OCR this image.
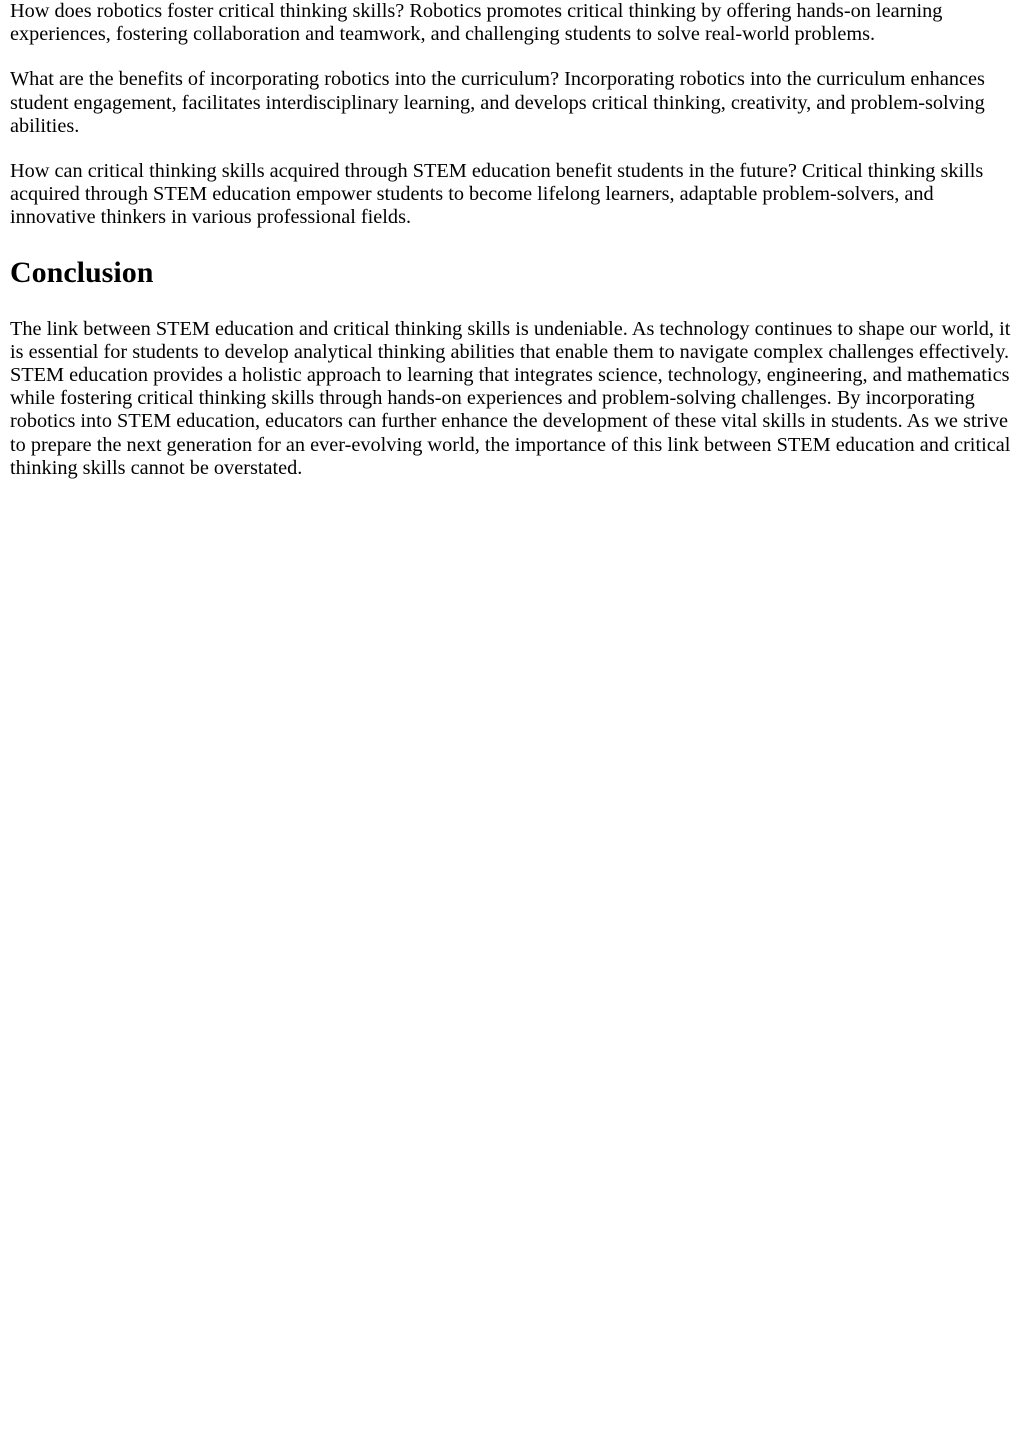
How does robotics foster critical thinking skills? Robotics promotes critical thinking by offering hands-on learning experiences, fostering collaboration and teamwork, and challenging students to solve real-world problems.

What are the benefits of incorporating robotics into the curriculum? Incorporating robotics into the curriculum enhances student engagement, facilitates interdisciplinary learning, and develops critical thinking, creativity, and problem-solving abilities.

How can critical thinking skills acquired through STEM education benefit students in the future? Critical thinking skills acquired through STEM education empower students to become lifelong learners, adaptable problem-solvers, and innovative thinkers in various professional fields.

Conclusion

The link between STEM education and critical thinking skills is undeniable. As technology continues to shape our world, it is essential for students to develop analytical thinking abilities that enable them to navigate complex challenges effectively. STEM education provides a holistic approach to learning that integrates science, technology, engineering, and mathematics while fostering critical thinking skills through hands-on experiences and problem-solving challenges. By incorporating robotics into STEM education, educators can further enhance the development of these vital skills in students. As we strive to prepare the next generation for an ever-evolving world, the importance of this link between STEM education and critical thinking skills cannot be overstated.
